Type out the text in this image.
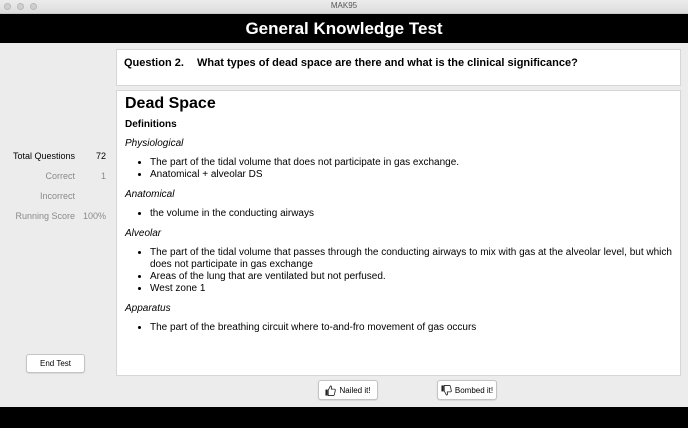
MAK95
General Knowledge Test
Total Questions 72
Correct	1
Incorrect
Running Score 100%
End Test
Question 2. What types of dead space are there and what is the clinical significance?
Dead Space
Definitions
Physiological
• The part of the tidal volume that does not participate in gas exchange.
• Anatomical + alveolar DS
Anatomical
• the volume in the conducting airways
Alveolar
• The part of the tidal volume that passes through the conducting airways to mix with gas at the alveolar level, but which does not participate in gas exchange
• Areas of the lung that are ventilated but not perfused.
• West zone 1
Apparatus
• The part of the breathing circuit where to-and-fro movement of gas occurs
Nailed it!	Bombed it!
